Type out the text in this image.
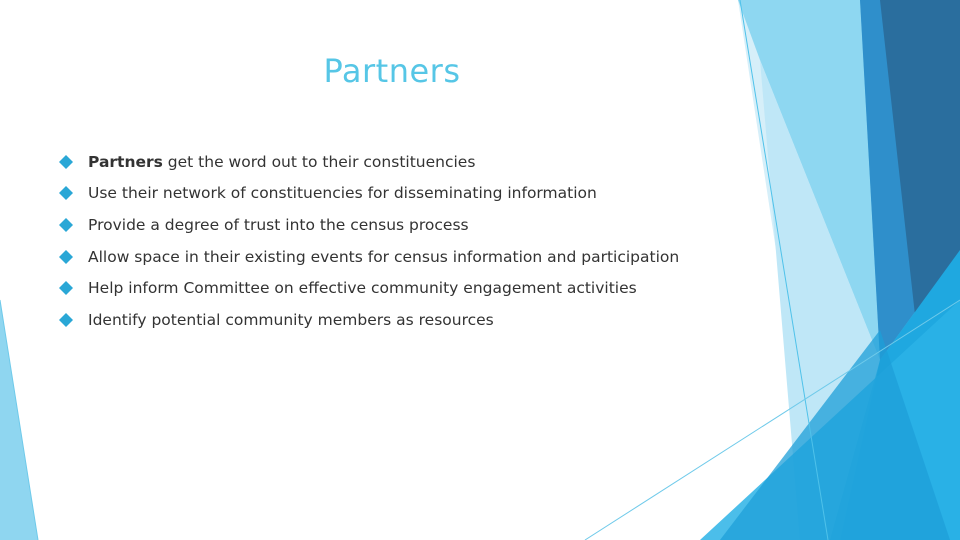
Partners
Partners get the word out to their constituencies
Use their network of constituencies for disseminating information
Provide a degree of trust into the census process
Allow space in their existing events for census information and participation
Help inform Committee on effective community engagement activities
Identify potential community members as resources
